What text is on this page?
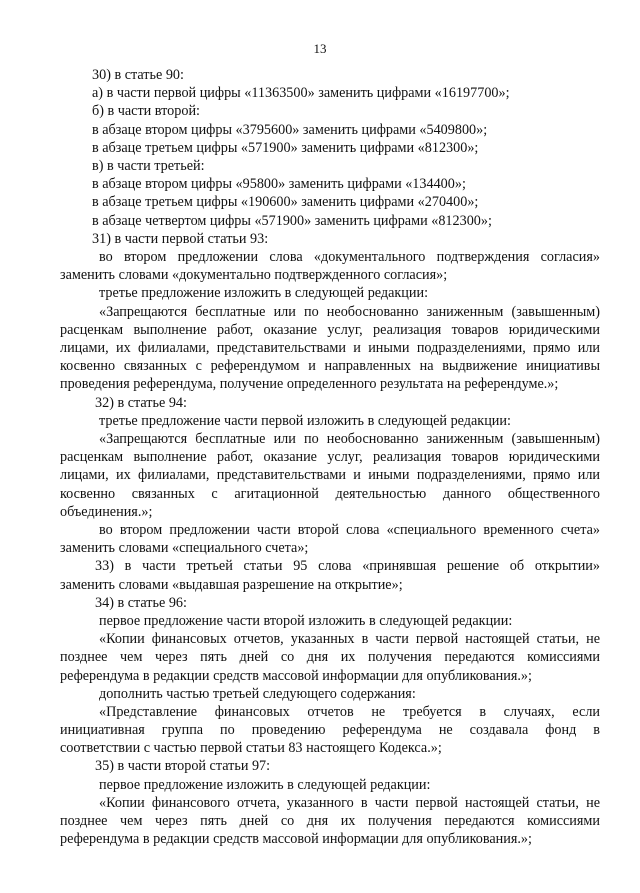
13
30) в статье 90:
а) в части первой цифры «11363500» заменить цифрами «16197700»;
б) в части второй:
в абзаце втором цифры «3795600» заменить цифрами «5409800»;
в абзаце третьем цифры «571900» заменить цифрами «812300»;
в) в части третьей:
в абзаце втором цифры «95800» заменить цифрами «134400»;
в абзаце третьем цифры «190600» заменить цифрами «270400»;
в абзаце четвертом цифры «571900» заменить цифрами «812300»;
31) в части первой статьи 93:
во втором предложении слова «документального подтверждения согласия»
заменить словами «документально подтвержденного согласия»;
третье предложение изложить в следующей редакции:
«Запрещаются бесплатные или по необоснованно заниженным (завышенным)
расценкам выполнение работ, оказание услуг, реализация товаров юридическими
лицами, их филиалами, представительствами и иными подразделениями, прямо или
косвенно связанных с референдумом и направленных на выдвижение инициативы
проведения референдума, получение определенного результата на референдуме.»;
32) в статье 94:
третье предложение части первой изложить в следующей редакции:
«Запрещаются бесплатные или по необоснованно заниженным (завышенным)
расценкам выполнение работ, оказание услуг, реализация товаров юридическими
лицами, их филиалами, представительствами и иными подразделениями, прямо или
косвенно связанных с агитационной деятельностью данного общественного
объединения.»;
во втором предложении части второй слова «специального временного счета»
заменить словами «специального счета»;
33) в части третьей статьи 95 слова «принявшая решение об открытии»
заменить словами «выдавшая разрешение на открытие»;
34) в статье 96:
первое предложение части второй изложить в следующей редакции:
«Копии финансовых отчетов, указанных в части первой настоящей статьи, не
позднее чем через пять дней со дня их получения передаются комиссиями
референдума в редакции средств массовой информации для опубликования.»;
дополнить частью третьей следующего содержания:
«Представление финансовых отчетов не требуется в случаях, если
инициативная группа по проведению референдума не создавала фонд в
соответствии с частью первой статьи 83 настоящего Кодекса.»;
35) в части второй статьи 97:
первое предложение изложить в следующей редакции:
«Копии финансового отчета, указанного в части первой настоящей статьи, не
позднее чем через пять дней со дня их получения передаются комиссиями
референдума в редакции средств массовой информации для опубликования.»;
